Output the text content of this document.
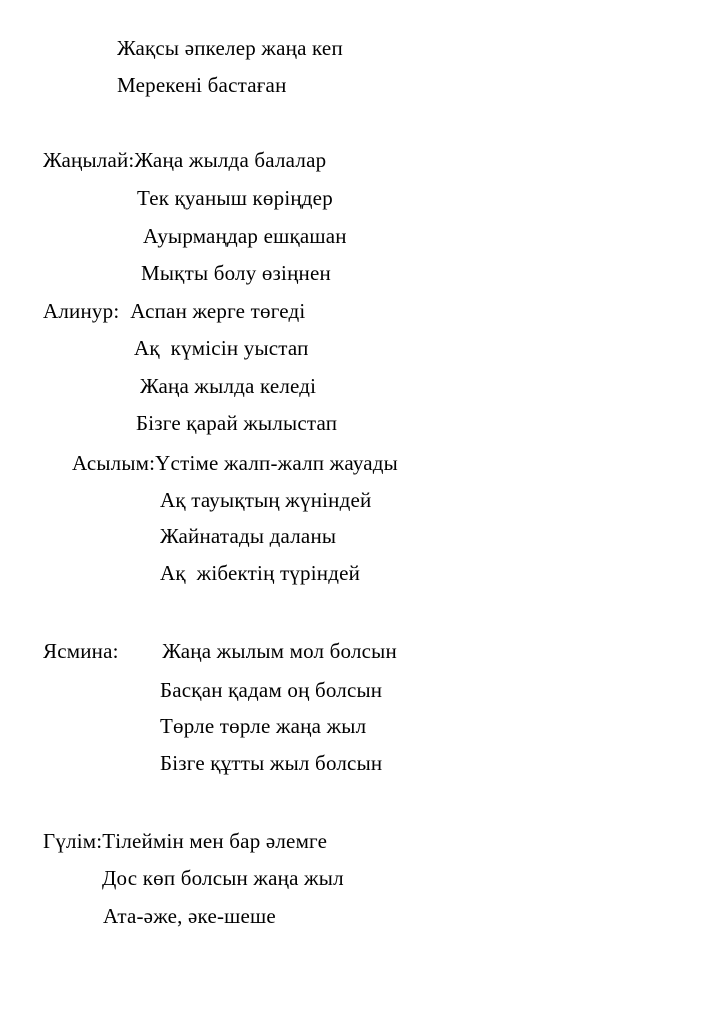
Жақсы әпкелер жаңа кеп
Мерекені бастаған
Жаңылай:Жаңа жылда балалар
Тек қуаныш көріңдер
Ауырмаңдар ешқашан
Мықты болу өзіңнен
Алинур:  Аспан жерге төгеді
Ақ  күмісін уыстап
Жаңа жылда келеді
Бізге қарай жылыстап
Асылым:Үстіме жалп-жалп жауады
Ақ тауықтың жүніндей
Жайнатады даланы
Ақ  жібектің түріндей
Ясмина:        Жаңа жылым мол болсын
Басқан қадам оң болсын
Төрле төрле жаңа жыл
Бізге құтты жыл болсын
Гүлім:Тілеймін мен бар әлемге
Дос көп болсын жаңа жыл
Ата-әже, әке-шеше
